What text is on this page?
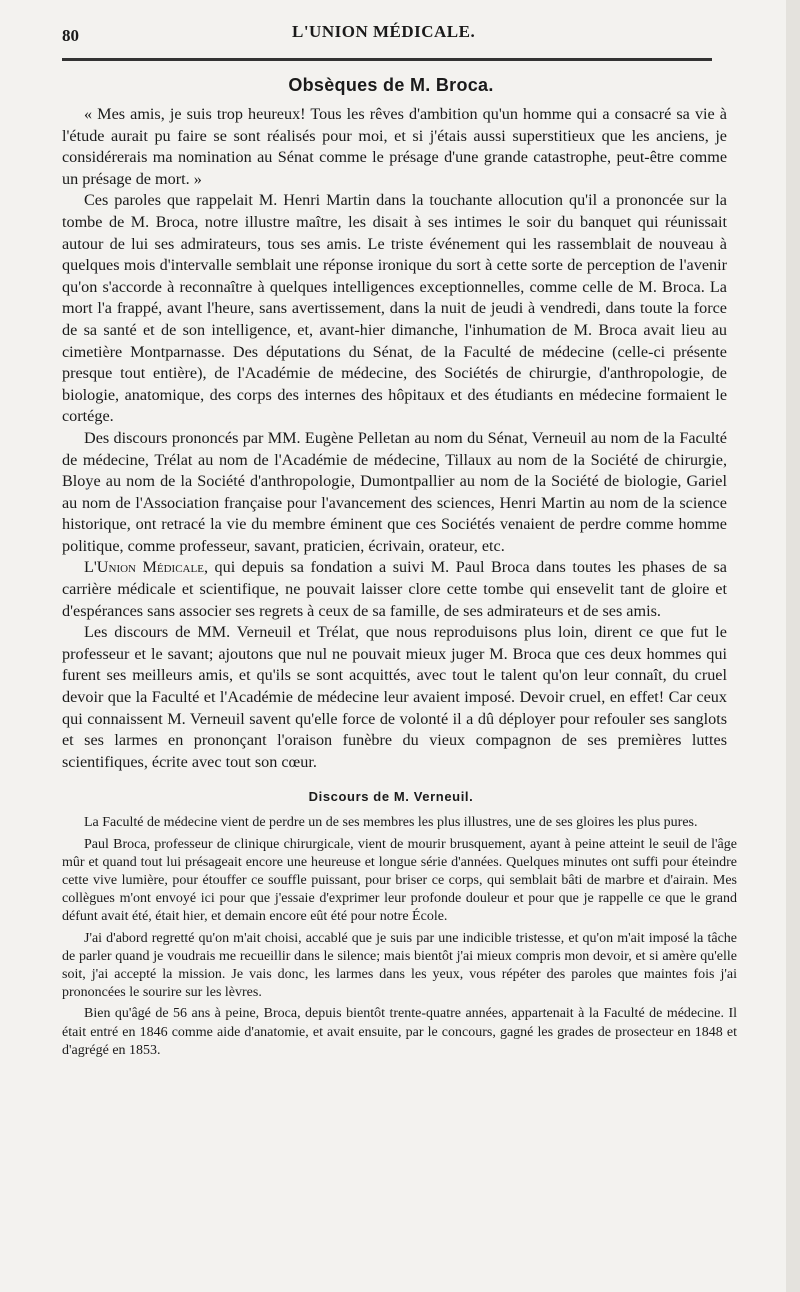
80	L'UNION MÉDICALE.
Obsèques de M. Broca.

« Mes amis, je suis trop heureux! Tous les rêves d'ambition qu'un homme qui a consacré sa vie à l'étude aurait pu faire se sont réalisés pour moi, et si j'étais aussi superstitieux que les anciens, je considérerais ma nomination au Sénat comme le présage d'une grande catastrophe, peut-être comme un présage de mort. »

Ces paroles que rappelait M. Henri Martin dans la touchante allocution qu'il a prononcée sur la tombe de M. Broca, notre illustre maître, les disait à ses intimes le soir du banquet qui réunissait autour de lui ses admirateurs, tous ses amis. Le triste événement qui les rassemblait de nouveau à quelques mois d'intervalle semblait une réponse ironique du sort à cette sorte de perception de l'avenir qu'on s'accorde à reconnaître à quelques intelligences exceptionnelles, comme celle de M. Broca. La mort l'a frappé, avant l'heure, sans avertissement, dans la nuit de jeudi à vendredi, dans toute la force de sa santé et de son intelligence, et, avant-hier dimanche, l'inhumation de M. Broca avait lieu au cimetière Montparnasse. Des députations du Sénat, de la Faculté de médecine (celle-ci présente presque tout entière), de l'Académie de médecine, des Sociétés de chirurgie, d'anthropologie, de biologie, anatomique, des corps des internes des hôpitaux et des étudiants en médecine formaient le cortége.

Des discours prononcés par MM. Eugène Pelletan au nom du Sénat, Verneuil au nom de la Faculté de médecine, Trélat au nom de l'Académie de médecine, Tillaux au nom de la Société de chirurgie, Bloye au nom de la Société d'anthropologie, Dumontpallier au nom de la Société de biologie, Gariel au nom de l'Association française pour l'avancement des sciences, Henri Martin au nom de la science historique, ont retracé la vie du membre éminent que ces Sociétés venaient de perdre comme homme politique, comme professeur, savant, praticien, écrivain, orateur, etc.

L'Union Médicale, qui depuis sa fondation a suivi M. Paul Broca dans toutes les phases de sa carrière médicale et scientifique, ne pouvait laisser clore cette tombe qui ensevelit tant de gloire et d'espérances sans associer ses regrets à ceux de sa famille, de ses admirateurs et de ses amis.

Les discours de MM. Verneuil et Trélat, que nous reproduisons plus loin, dirent ce que fut le professeur et le savant; ajoutons que nul ne pouvait mieux juger M. Broca que ces deux hommes qui furent ses meilleurs amis, et qu'ils se sont acquittés, avec tout le talent qu'on leur connaît, du cruel devoir que la Faculté et l'Académie de médecine leur avaient imposé. Devoir cruel, en effet! Car ceux qui connaissent M. Verneuil savent qu'elle force de volonté il a dû déployer pour refouler ses sanglots et ses larmes en prononçant l'oraison funèbre du vieux compagnon de ses premières luttes scientifiques, écrite avec tout son cœur.

Discours de M. Verneuil.

La Faculté de médecine vient de perdre un de ses membres les plus illustres, une de ses gloires les plus pures.

Paul Broca, professeur de clinique chirurgicale, vient de mourir brusquement, ayant à peine atteint le seuil de l'âge mûr et quand tout lui présageait encore une heureuse et longue série d'années. Quelques minutes ont suffi pour éteindre cette vive lumière, pour étouffer ce souffle puissant, pour briser ce corps, qui semblait bâti de marbre et d'airain. Mes collègues m'ont envoyé ici pour que j'essaie d'exprimer leur profonde douleur et pour que je rappelle ce que le grand défunt avait été, était hier, et demain encore eût été pour notre École.

J'ai d'abord regretté qu'on m'ait choisi, accablé que je suis par une indicible tristesse, et qu'on m'ait imposé la tâche de parler quand je voudrais me recueillir dans le silence; mais bientôt j'ai mieux compris mon devoir, et si amère qu'elle soit, j'ai accepté la mission. Je vais donc, les larmes dans les yeux, vous répéter des paroles que maintes fois j'ai prononcées le sourire sur les lèvres.

Bien qu'âgé de 56 ans à peine, Broca, depuis bientôt trente-quatre années, appartenait à la Faculté de médecine. Il était entré en 1846 comme aide d'anatomie, et avait ensuite, par le concours, gagné les grades de prosecteur en 1848 et d'agrégé en 1853.
